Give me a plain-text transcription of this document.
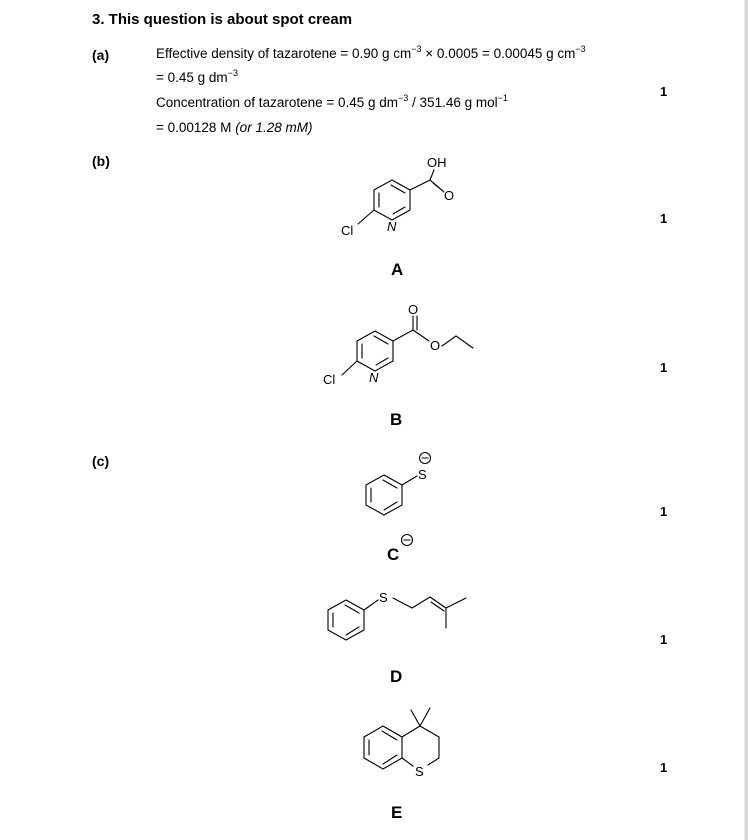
3. This question is about spot cream
(a)	Effective density of tazarotene = 0.90 g $cm^{-3} \times 0.0005 = 0.00045$ g $cm^{-3}$
= 0.45 g $dm^{-3}$
Concentration of tazarotene = 0.45 g $dm^{-3} / 351.46$ g mol$^{-1}$
= 0.00128 M (or 1.28 mM)
1
(b)
1
A
1
B
(c)
1
C
1
D
1
E
OH
O
Cl	N
O
O
Cl	N
S
S
S
